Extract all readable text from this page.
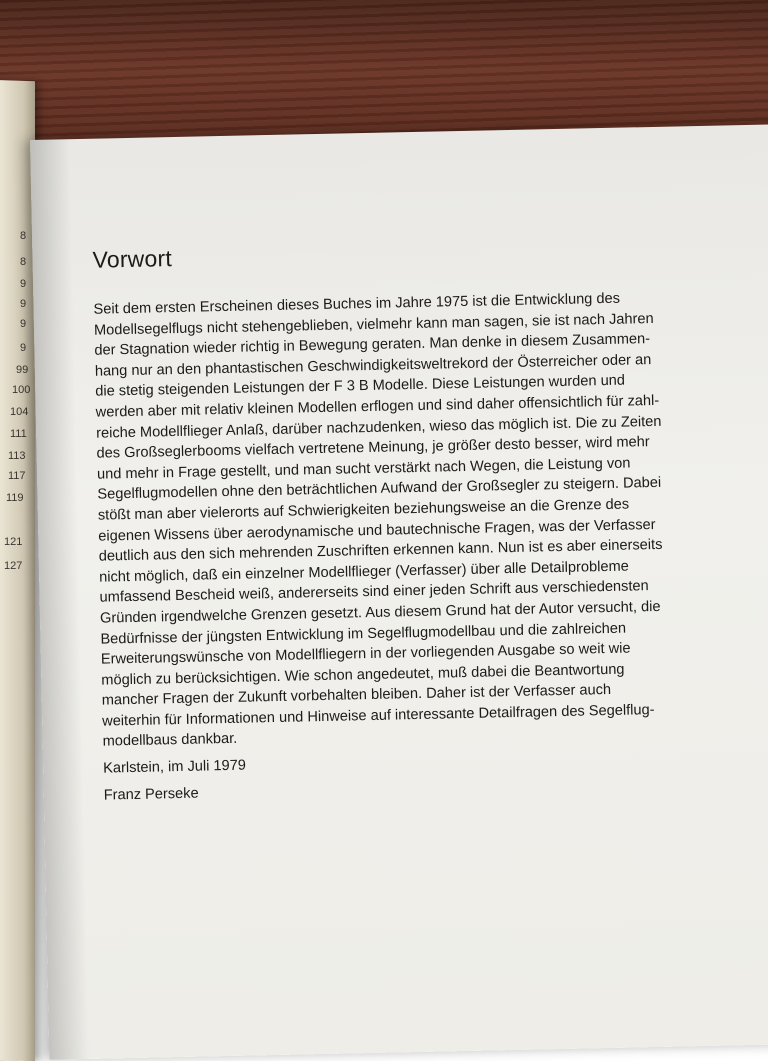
8
8
9
9
9
9
99
100
104
111
113
117
119
121
127
Vorwort
Seit dem ersten Erscheinen dieses Buches im Jahre 1975 ist die Entwicklung des
Modellsegelflugs nicht stehengeblieben, vielmehr kann man sagen, sie ist nach Jahren
der Stagnation wieder richtig in Bewegung geraten. Man denke in diesem Zusammen-
hang nur an den phantastischen Geschwindigkeitsweltrekord der Österreicher oder an
die stetig steigenden Leistungen der F 3 B Modelle. Diese Leistungen wurden und
werden aber mit relativ kleinen Modellen erflogen und sind daher offensichtlich für zahl-
reiche Modellflieger Anlaß, darüber nachzudenken, wieso das möglich ist. Die zu Zeiten
des Großseglerbooms vielfach vertretene Meinung, je größer desto besser, wird mehr
und mehr in Frage gestellt, und man sucht verstärkt nach Wegen, die Leistung von
Segelflugmodellen ohne den beträchtlichen Aufwand der Großsegler zu steigern. Dabei
stößt man aber vielerorts auf Schwierigkeiten beziehungsweise an die Grenze des
eigenen Wissens über aerodynamische und bautechnische Fragen, was der Verfasser
deutlich aus den sich mehrenden Zuschriften erkennen kann. Nun ist es aber einerseits
nicht möglich, daß ein einzelner Modellflieger (Verfasser) über alle Detailprobleme
umfassend Bescheid weiß, andererseits sind einer jeden Schrift aus verschiedensten
Gründen irgendwelche Grenzen gesetzt. Aus diesem Grund hat der Autor versucht, die
Bedürfnisse der jüngsten Entwicklung im Segelflugmodellbau und die zahlreichen
Erweiterungswünsche von Modellfliegern in der vorliegenden Ausgabe so weit wie
möglich zu berücksichtigen. Wie schon angedeutet, muß dabei die Beantwortung
mancher Fragen der Zukunft vorbehalten bleiben. Daher ist der Verfasser auch
weiterhin für Informationen und Hinweise auf interessante Detailfragen des Segelflug-
modellbaus dankbar.
Karlstein, im Juli 1979
Franz Perseke
